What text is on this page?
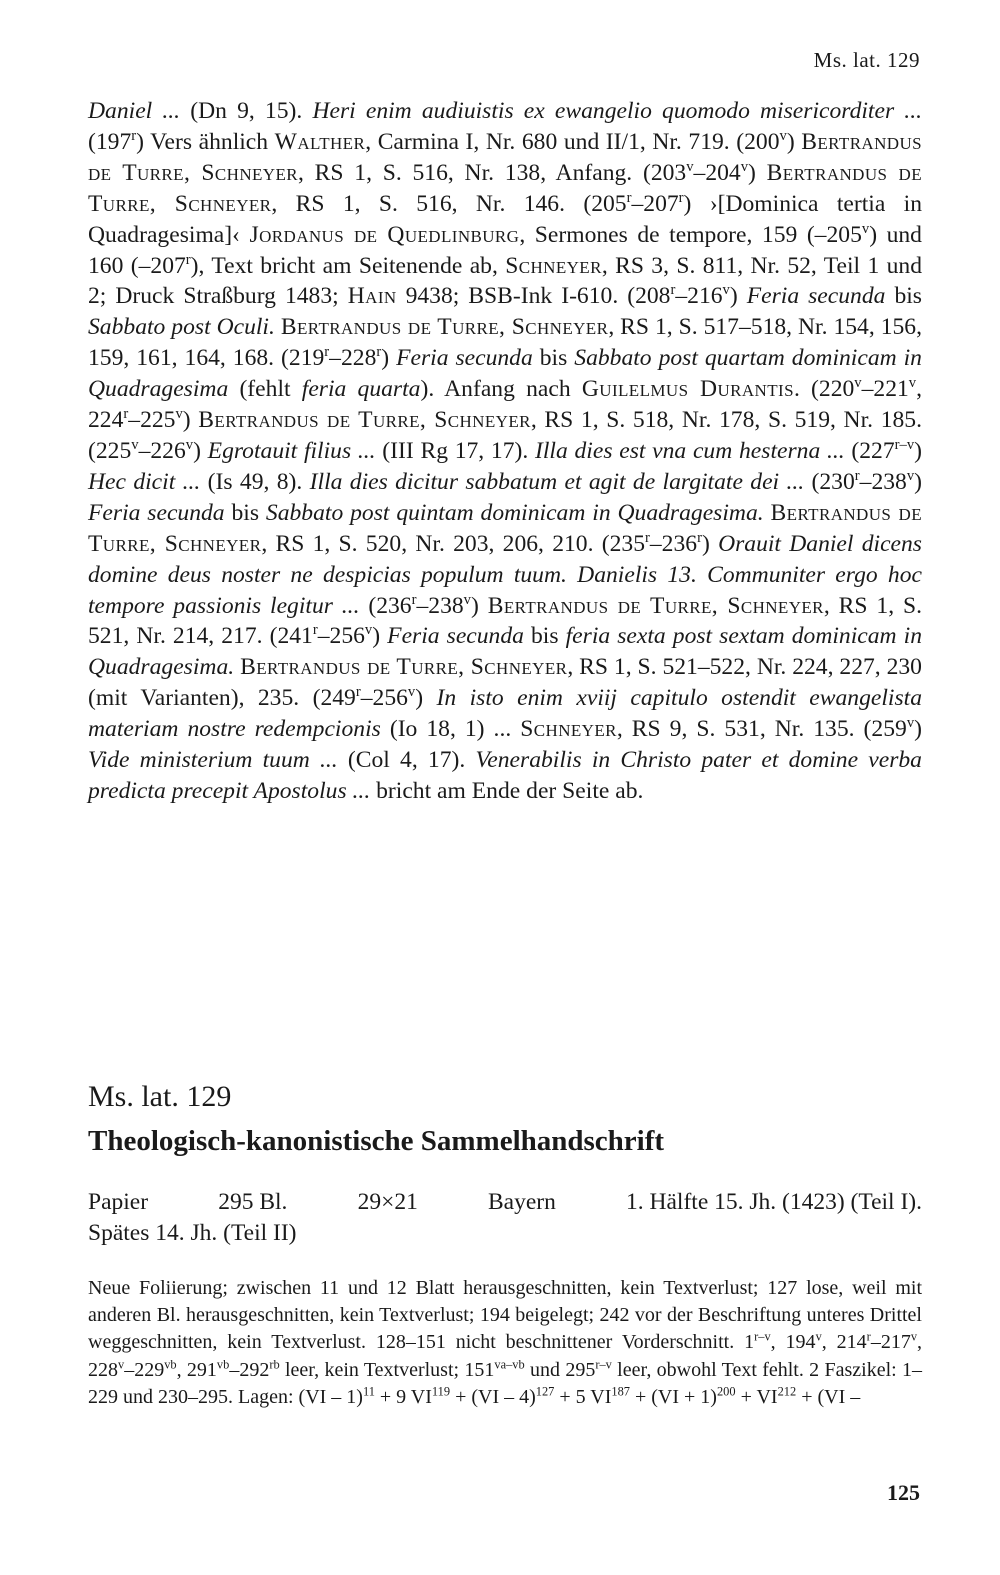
Ms. lat. 129

Daniel ... (Dn 9, 15). Heri enim audiuistis ex ewangelio quomodo misericorditer ... (197$^r$) Vers ähnlich Walther, Carmina I, Nr. 680 und II/1, Nr. 719. (200$^v$) Bertrandus de Turre, Schneyer, RS 1, S. 516, Nr. 138, Anfang. (203$^v$–204$^v$) Bertrandus de Turre, Schneyer, RS 1, S. 516, Nr. 146. (205$^r$–207$^r$) ›[Dominica tertia in Quadragesima]‹ Jordanus de Quedlinburg, Sermones de tempore, 159 (–205$^v$) und 160 (–207$^r$), Text bricht am Seitenende ab, Schneyer, RS 3, S. 811, Nr. 52, Teil 1 und 2; Druck Straßburg 1483; Hain 9438; BSB-Ink I-610. (208$^r$–216$^v$) Feria secunda bis Sabbato post Oculi. Bertrandus de Turre, Schneyer, RS 1, S. 517–518, Nr. 154, 156, 159, 161, 164, 168. (219$^r$–228$^r$) Feria secunda bis Sabbato post quartam dominicam in Quadragesima (fehlt feria quarta). Anfang nach Guilelmus Durantis. (220$^v$–221$^v$, 224$^r$–225$^v$) Bertrandus de Turre, Schneyer, RS 1, S. 518, Nr. 178, S. 519, Nr. 185. (225$^v$–226$^v$) Egrotauit filius ... (III Rg 17, 17). Illa dies est vna cum hesterna ... (227$^{r-v}$) Hec dicit ... (Is 49, 8). Illa dies dicitur sabbatum et agit de largitate dei ... (230$^r$–238$^v$) Feria secunda bis Sabbato post quintam dominicam in Quadragesima. Bertrandus de Turre, Schneyer, RS 1, S. 520, Nr. 203, 206, 210. (235$^r$–236$^r$) Orauit Daniel dicens domine deus noster ne despicias populum tuum. Danielis 13. Communiter ergo hoc tempore passionis legitur ... (236$^r$–238$^v$) Bertrandus de Turre, Schneyer, RS 1, S. 521, Nr. 214, 217. (241$^r$–256$^v$) Feria secunda bis feria sexta post sextam dominicam in Quadragesima. Bertrandus de Turre, Schneyer, RS 1, S. 521–522, Nr. 224, 227, 230 (mit Varianten), 235. (249$^r$–256$^v$) In isto enim xviij capitulo ostendit ewangelista materiam nostre redempcionis (Io 18, 1) ... Schneyer, RS 9, S. 531, Nr. 135. (259$^v$) Vide ministerium tuum ... (Col 4, 17). Venerabilis in Christo pater et domine verba predicta precepit Apostolus ... bricht am Ende der Seite ab.

Ms. lat. 129
Theologisch-kanonistische Sammelhandschrift
Papier	295 Bl.	29×21	Bayern	1. Hälfte 15. Jh. (1423) (Teil I).
Spätes 14. Jh. (Teil II)

Neue Foliierung; zwischen 11 und 12 Blatt herausgeschnitten, kein Textverlust; 127 lose, weil mit anderen Bl. herausgeschnitten, kein Textverlust; 194 beigelegt; 242 vor der Beschriftung unteres Drittel weggeschnitten, kein Textverlust. 128–151 nicht beschnittener Vorderschnitt. 1$^{r-v}$, 194$^v$, 214$^r$–217$^v$, $228^v-229^{vb}$, $291^{vb}-292^{rb}$ leer, kein Textverlust; $151^{va-vb}$ und 295$^{r-v}$ leer, obwohl Text fehlt. 2 Faszikel: 1–229 und 230–295. Lagen: (VI – 1)$^{11}$ + 9 $VI^{119} + (VI - 4)^{127} + 5$ $VI^{187} + (VI + 1)^{200} + VI^{212} + (VI$ –

125
